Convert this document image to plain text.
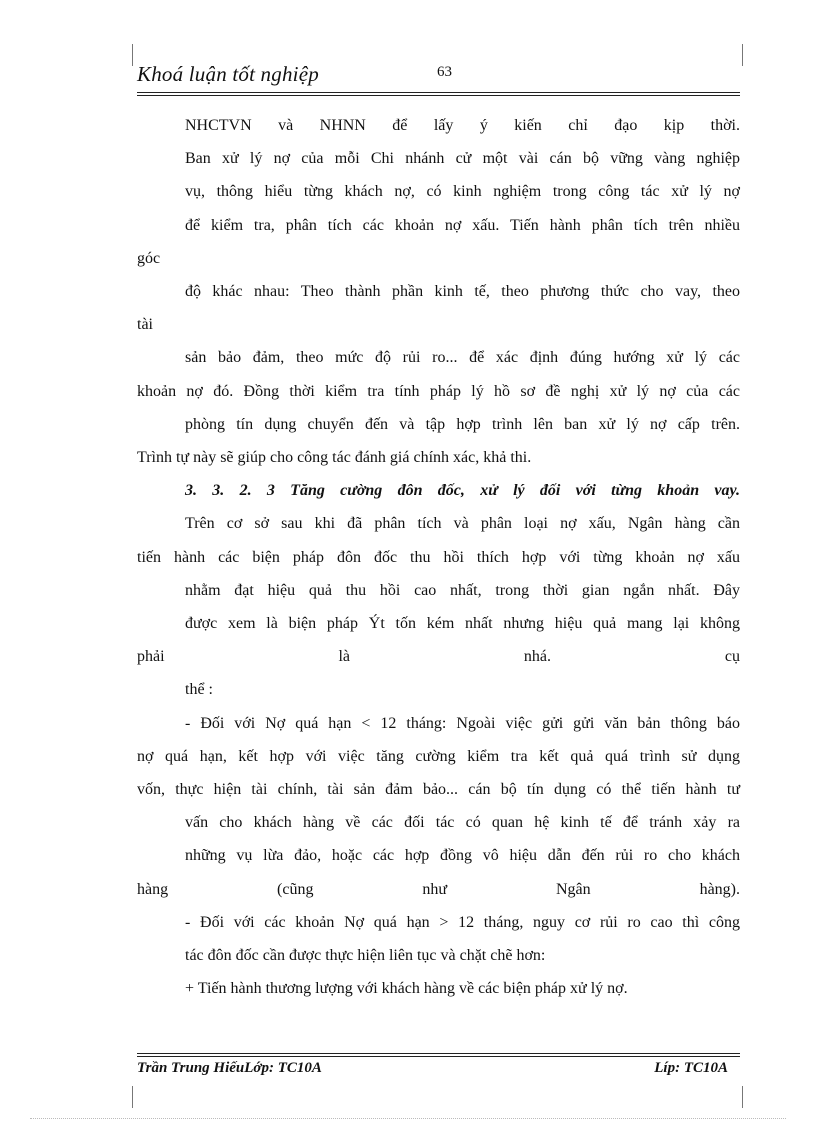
Khoá luận tốt nghiệp	63

NHCTVN và NHNN để lấy ý kiến chỉ đạo kịp thời.

Ban xử lý nợ của mỗi Chi nhánh cử một vài cán bộ vững vàng nghiệp

vụ, thông hiểu từng khách nợ, có kinh nghiệm trong công tác xử lý nợ

để kiểm tra, phân tích các khoản nợ xấu. Tiến hành phân tích trên nhiều

góc

độ khác nhau: Theo thành phần kinh tế, theo phương thức cho vay, theo

tài

sản bảo đảm, theo mức độ rủi ro... để xác định đúng hướng xử lý các

khoản nợ đó. Đồng thời kiểm tra tính pháp lý hồ sơ đề nghị xử lý nợ của các

phòng tín dụng chuyển đến và tập hợp trình lên ban xử lý nợ cấp trên.

Trình tự này sẽ giúp cho công tác đánh giá chính xác, khả thi.

3. 3. 2. 3 Tăng cường đôn đốc, xử lý đối với từng khoản vay.

Trên cơ sở sau khi đã phân tích và phân loại nợ xấu, Ngân hàng cần

tiến hành các biện pháp đôn đốc thu hồi thích hợp với từng khoản nợ xấu

nhằm đạt hiệu quả thu hồi cao nhất, trong thời gian ngắn nhất. Đây

được xem là biện pháp Ýt tốn kém nhất nhưng hiệu quả mang lại không

phải là nhá. cụ

thể :

- Đối với Nợ quá hạn < 12 tháng: Ngoài việc gửi gửi văn bản thông báo

nợ quá hạn, kết hợp với việc tăng cường kiểm tra kết quả quá trình sử dụng

vốn, thực hiện tài chính, tài sản đảm bảo... cán bộ tín dụng có thể tiến hành tư

vấn cho khách hàng về các đối tác có quan hệ kinh tế để tránh xảy ra

những vụ lừa đảo, hoặc các hợp đồng vô hiệu dẫn đến rủi ro cho khách

hàng (cũng như Ngân hàng).

- Đối với các khoản Nợ quá hạn > 12 tháng, nguy cơ rủi ro cao thì công

tác đôn đốc cần được thực hiện liên tục và chặt chẽ hơn:

+ Tiến hành thương lượng với khách hàng về các biện pháp xử lý nợ.

Trần Trung HiếuLớp: TC10A	Líp: TC10A
